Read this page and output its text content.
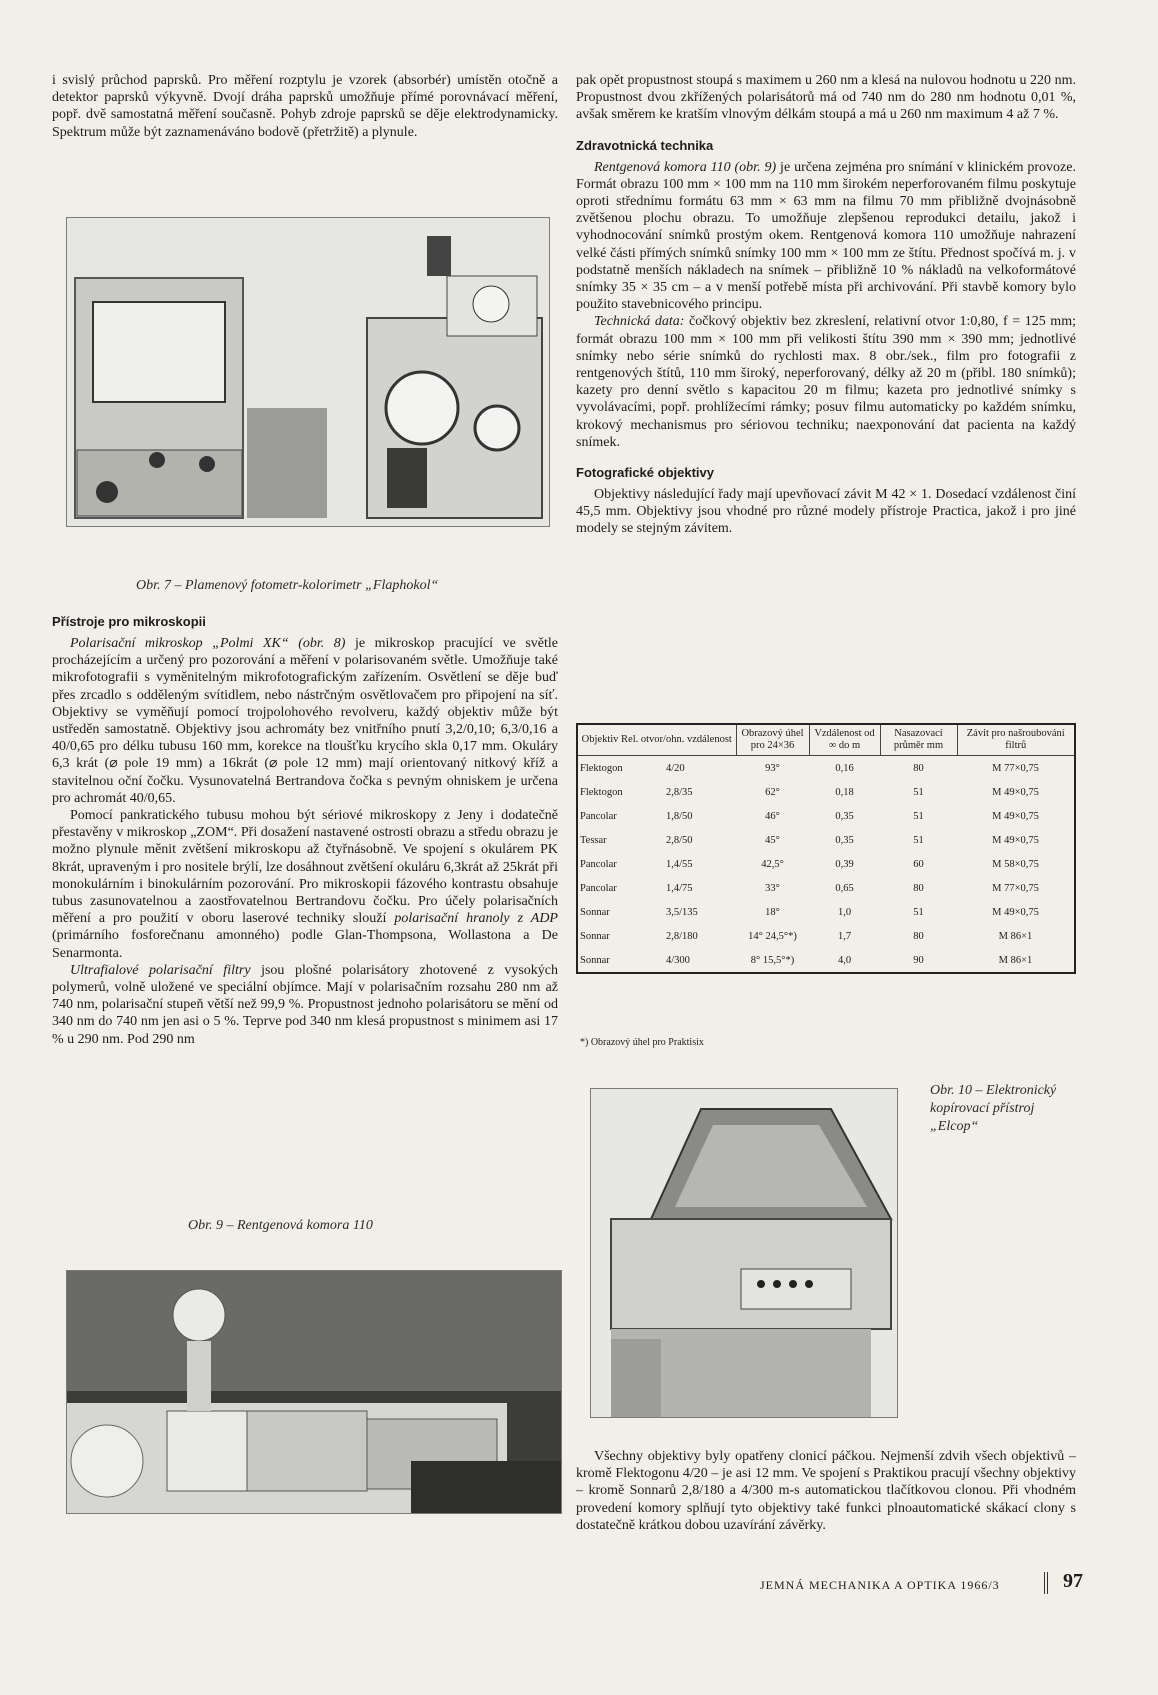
i svislý průchod paprsků. Pro měření rozptylu je vzorek (absorbér) umístěn otočně a detektor paprsků výkyvně. Dvojí dráha paprsků umožňuje přímé porovnávací měření, popř. dvě samostatná měření současně. Pohyb zdroje paprsků se děje elektrodynamicky. Spektrum může být zaznamenáváno bodově (přetržitě) a plynule.

Obr. 7 – Plamenový fotometr-kolorimetr „Flaphokol“
Přístroje pro mikroskopii

Polarisační mikroskop „Polmi XK“ (obr. 8) je mikroskop pracující ve světle procházejícím a určený pro pozorování a měření v polarisovaném světle. Umožňuje také mikrofotografii s vyměnitelným mikrofotografickým zařízením. Osvětlení se děje buď přes zrcadlo s odděleným svítidlem, nebo nástrčným osvětlovačem pro připojení na síť. Objektivy se vyměňují pomocí trojpolohového revolveru, každý objektiv může být ustředěn samostatně. Objektivy jsou achromáty bez vnitřního pnutí 3,2/0,10; 6,3/0,16 a 40/0,65 pro délku tubusu 160 mm, korekce na tloušťku krycího skla 0,17 mm. Okuláry 6,3 krát (⌀ pole 19 mm) a 16krát (⌀ pole 12 mm) mají orientovaný nitkový kříž a stavitelnou oční čočku. Vysunovatelná Bertrandova čočka s pevným ohniskem je určena pro achromát 40/0,65.

Pomocí pankratického tubusu mohou být sériové mikroskopy z Jeny i dodatečně přestavěny v mikroskop „ZOM“. Při dosažení nastavené ostrosti obrazu a středu obrazu je možno plynule měnit zvětšení mikroskopu až čtyřnásobně. Ve spojení s okulárem PK 8krát, upraveným i pro nositele brýlí, lze dosáhnout zvětšení okuláru 6,3krát až 25krát při monokulárním i binokulárním pozorování. Pro mikroskopii fázového kontrastu obsahuje tubus zasunovatelnou a zaostřovatelnou Bertrandovu čočku. Pro účely polarisačních měření a pro použití v oboru laserové techniky slouží polarisační hranoly z ADP (primárního fosforečnanu amonného) podle Glan-Thompsona, Wollastona a De Senarmonta.

Ultrafialové polarisační filtry jsou plošné polarisátory zhotovené z vysokých polymerů, volně uložené ve speciální objímce. Mají v polarisačním rozsahu 280 nm až 740 nm, polarisační stupeň větší než 99,9 %. Propustnost jednoho polarisátoru se mění od 340 nm do 740 nm jen asi o 5 %. Teprve pod 340 nm klesá propustnost s minimem asi 17 % u 290 nm. Pod 290 nm

Obr. 9 – Rentgenová komora 110

pak opět propustnost stoupá s maximem u 260 nm a klesá na nulovou hodnotu u 220 nm. Propustnost dvou zkřížených polarisátorů má od 740 nm do 280 nm hodnotu 0,01 %, avšak směrem ke kratším vlnovým délkám stoupá a má u 260 nm maximum 4 až 7 %.

Zdravotnická technika

Rentgenová komora 110 (obr. 9) je určena zejména pro snímání v klinickém provoze. Formát obrazu 100 mm × 100 mm na 110 mm širokém neperforovaném filmu poskytuje oproti střednímu formátu 63 mm × 63 mm na filmu 70 mm přibližně dvojnásobně zvětšenou plochu obrazu. To umožňuje zlepšenou reprodukci detailu, jakož i vyhodnocování snímků prostým okem. Rentgenová komora 110 umožňuje nahrazení velké části přímých snímků snímky 100 mm × 100 mm ze štítu. Přednost spočívá m. j. v podstatně menších nákladech na snímek – přibližně 10 % nákladů na velkoformátové snímky 35 × 35 cm – a v menší potřebě místa při archivování. Při stavbě komory bylo použito stavebnicového principu.

Technická data: čočkový objektiv bez zkreslení, relativní otvor 1:0,80, f = 125 mm; formát obrazu 100 mm × 100 mm při velikosti štítu 390 mm × 390 mm; jednotlivé snímky nebo série snímků do rychlosti max. 8 obr./sek., film pro fotografii z rentgenových štítů, 110 mm široký, neperforovaný, délky až 20 m (přibl. 180 snímků); kazety pro denní světlo s kapacitou 20 m filmu; kazeta pro jednotlivé snímky s vyvolávacími, popř. prohlížecími rámky; posuv filmu automaticky po každém snímku, krokový mechanismus pro sériovou techniku; naexponování dat pacienta na každý snímek.

Fotografické objektivy

Objektivy následující řady mají upevňovací závit M 42 × 1. Dosedací vzdálenost činí 45,5 mm. Objektivy jsou vhodné pro různé modely přístroje Practica, jakož i pro jiné modely se stejným závitem.

Objektiv Rel. otvor/ohn. vzdálenost		Obrazový úhel pro 24×36	Vzdálenost od ∞ do m	Nasazovací průměr mm	Závit pro našroubování filtrů
Flektogon	4/20	93°	0,16	80	M 77×0,75
Flektogon	2,8/35	62°	0,18	51	M 49×0,75
Pancolar	1,8/50	46°	0,35	51	M 49×0,75
Tessar	2,8/50	45°	0,35	51	M 49×0,75
Pancolar	1,4/55	42,5°	0,39	60	M 58×0,75
Pancolar	1,4/75	33°	0,65	80	M 77×0,75
Sonnar	3,5/135	18°	1,0	51	M 49×0,75
Sonnar	2,8/180	14° 24,5°*)	1,7	80	M 86×1
Sonnar	4/300	8° 15,5°*)	4,0	90	M 86×1
*) Obrazový úhel pro Praktisix
Obr. 10 – Elektronický kopírovací přístroj „Elcop“

Všechny objektivy byly opatřeny clonicí páčkou. Nejmenší zdvih všech objektivů – kromě Flektogonu 4/20 – je asi 12 mm. Ve spojení s Praktikou pracují všechny objektivy – kromě Sonnarů 2,8/180 a 4/300 m-s automatickou tlačítkovou clonou. Při vhodném provedení komory splňují tyto objektivy také funkci plnoautomatické skákací clony s dostatečně krátkou dobou uzavírání závěrky.

JEMNÁ MECHANIKA A OPTIKA 1966/3	97
